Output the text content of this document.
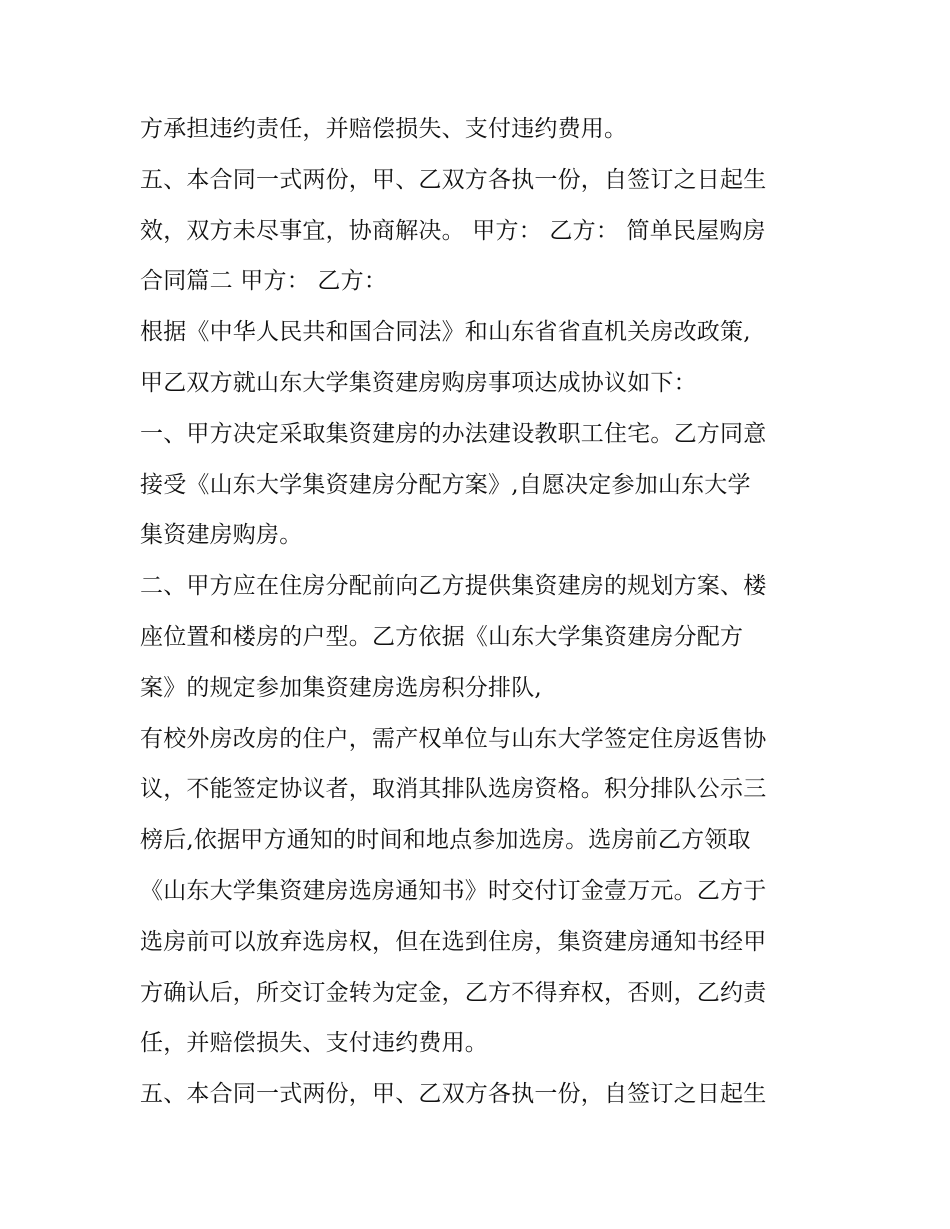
方承担违约责任，并赔偿损失、支付违约费用。
五、本合同一式两份，甲、乙双方各执一份，自签订之日起生
效，双方未尽事宜，协商解决。 甲方： 乙方： 简单民屋购房
合同篇二 甲方： 乙方：
根据《中华人民共和国合同法》和山东省省直机关房改政策,
甲乙双方就山东大学集资建房购房事项达成协议如下：
一、甲方决定采取集资建房的办法建设教职工住宅。乙方同意
接受《山东大学集资建房分配方案》,自愿决定参加山东大学
集资建房购房。
二、甲方应在住房分配前向乙方提供集资建房的规划方案、楼
座位置和楼房的户型。乙方依据《山东大学集资建房分配方
案》的规定参加集资建房选房积分排队,
有校外房改房的住户，需产权单位与山东大学签定住房返售协
议，不能签定协议者，取消其排队选房资格。积分排队公示三
榜后,依据甲方通知的时间和地点参加选房。选房前乙方领取
《山东大学集资建房选房通知书》时交付订金壹万元。乙方于
选房前可以放弃选房权，但在选到住房，集资建房通知书经甲
方确认后，所交订金转为定金，乙方不得弃权，否则，乙约责
任，并赔偿损失、支付违约费用。
五、本合同一式两份，甲、乙双方各执一份，自签订之日起生
